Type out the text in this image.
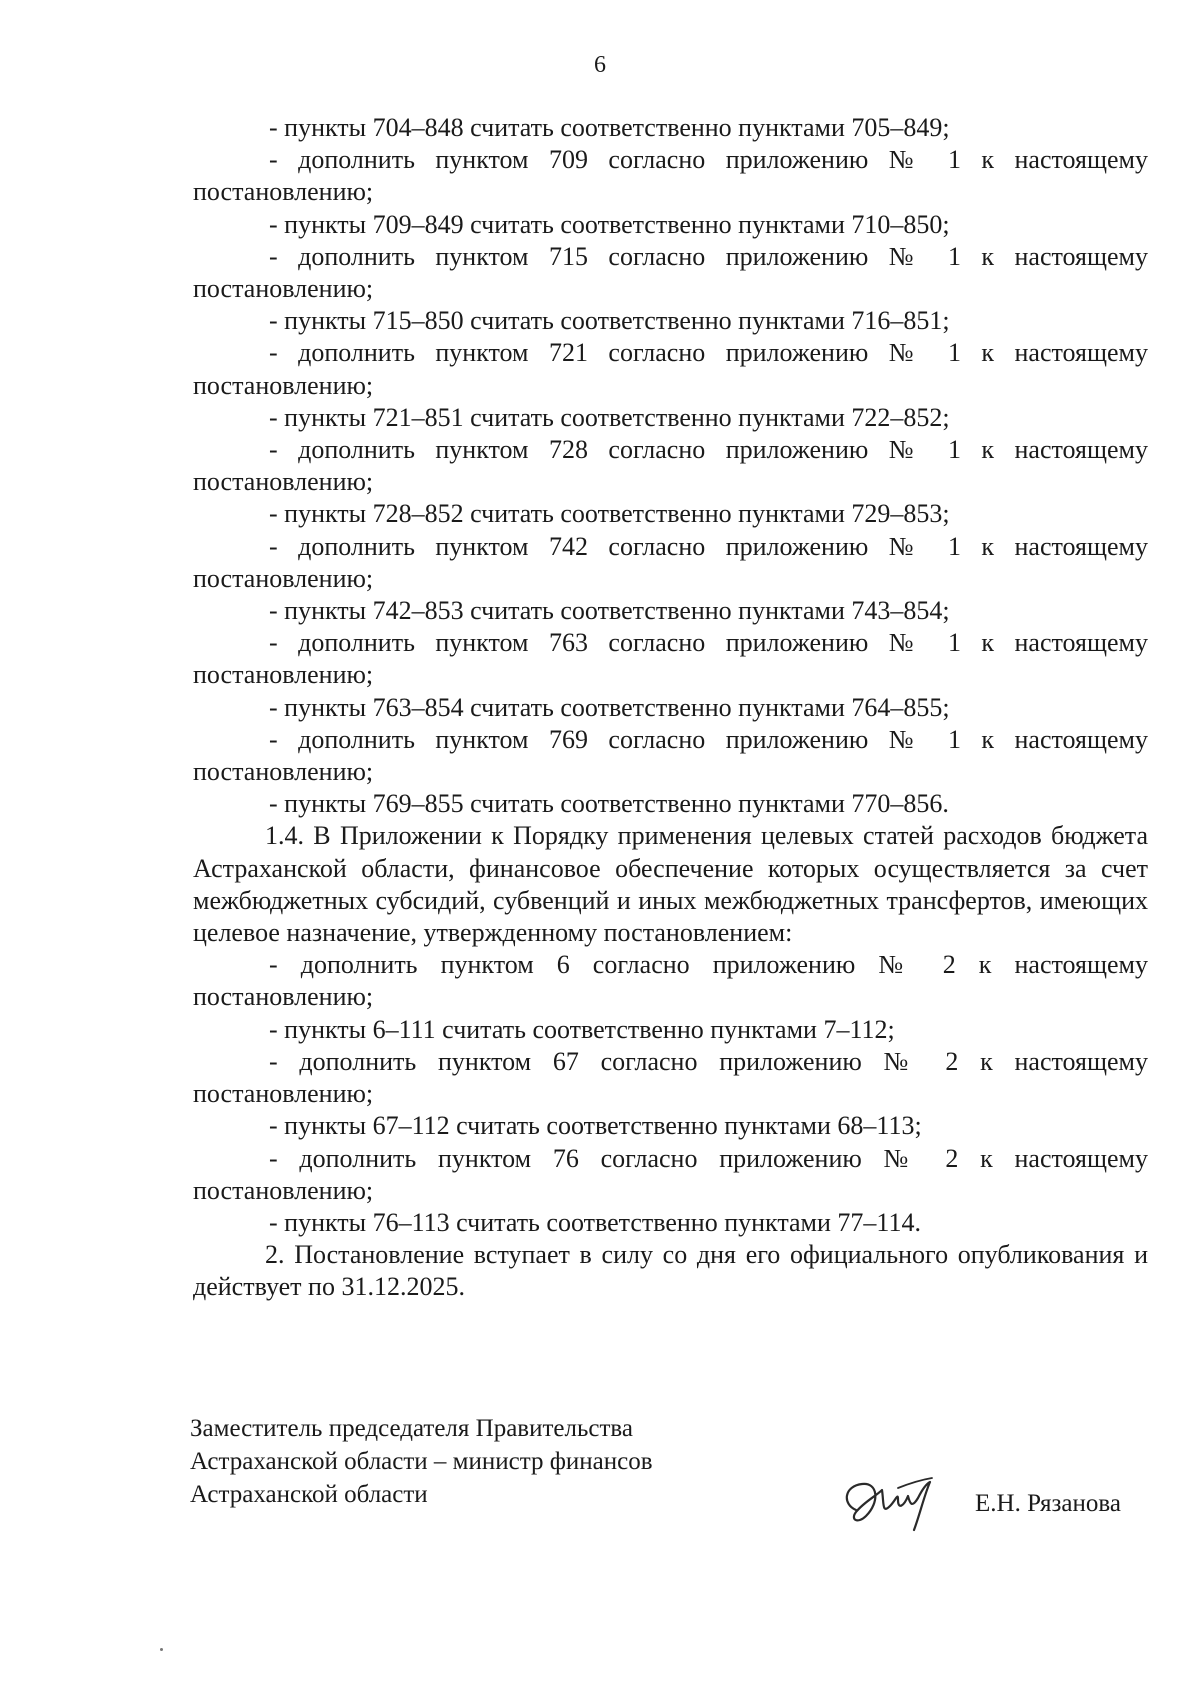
6

- пункты 704–848 считать соответственно пунктами 705–849;

- дополнить пунктом 709 согласно приложению № 1 к настоящему постановлению;

- пункты 709–849 считать соответственно пунктами 710–850;

- дополнить пунктом 715 согласно приложению № 1 к настоящему постановлению;

- пункты 715–850 считать соответственно пунктами 716–851;

- дополнить пунктом 721 согласно приложению № 1 к настоящему постановлению;

- пункты 721–851 считать соответственно пунктами 722–852;

- дополнить пунктом 728 согласно приложению № 1 к настоящему постановлению;

- пункты 728–852 считать соответственно пунктами 729–853;

- дополнить пунктом 742 согласно приложению № 1 к настоящему постановлению;

- пункты 742–853 считать соответственно пунктами 743–854;

- дополнить пунктом 763 согласно приложению № 1 к настоящему постановлению;

- пункты 763–854 считать соответственно пунктами 764–855;

- дополнить пунктом 769 согласно приложению № 1 к настоящему постановлению;

- пункты 769–855 считать соответственно пунктами 770–856.

1.4. В Приложении к Порядку применения целевых статей расходов бюджета Астраханской области, финансовое обеспечение которых осуществляется за счет межбюджетных субсидий, субвенций и иных межбюджетных трансфертов, имеющих целевое назначение, утвержденному постановлением:

- дополнить пунктом 6 согласно приложению № 2 к настоящему постановлению;

- пункты 6–111 считать соответственно пунктами 7–112;

- дополнить пунктом 67 согласно приложению № 2 к настоящему постановлению;

- пункты 67–112 считать соответственно пунктами 68–113;

- дополнить пунктом 76 согласно приложению № 2 к настоящему постановлению;

- пункты 76–113 считать соответственно пунктами 77–114.

2. Постановление вступает в силу со дня его официального опубликования и действует по 31.12.2025.

Заместитель председателя Правительства
Астраханской области – министр финансов
Астраханской области	Е.Н. Рязанова
